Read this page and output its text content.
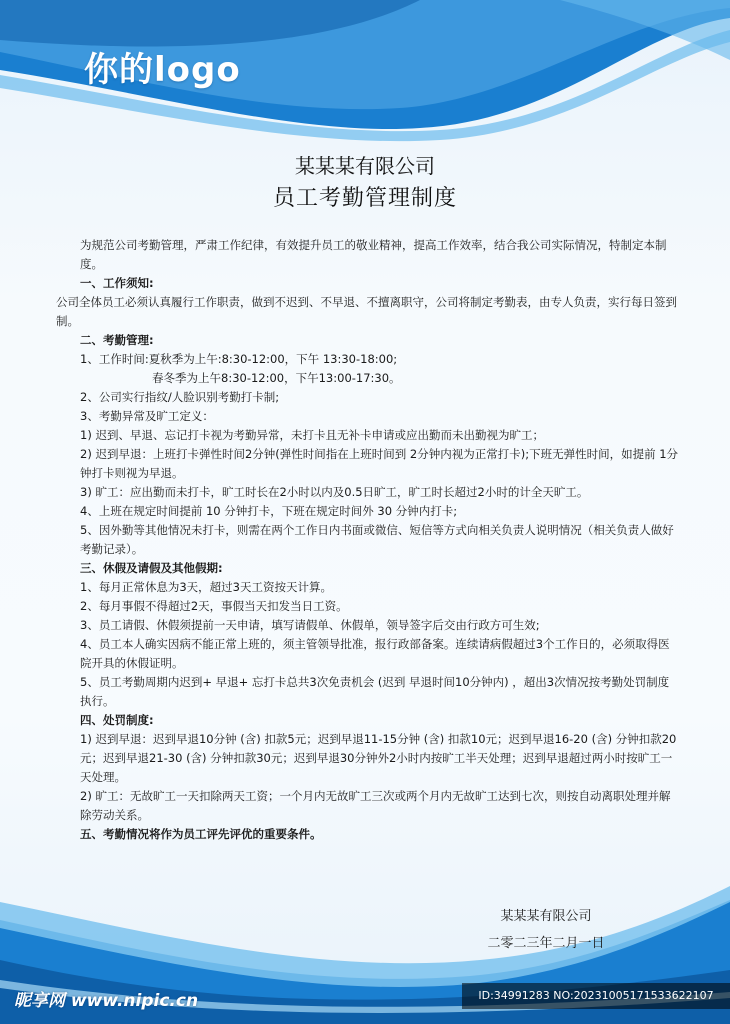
你的logo
某某某有限公司
员工考勤管理制度

为规范公司考勤管理，严肃工作纪律，有效提升员工的敬业精神，提高工作效率，结合我公司实际情况，特制定本制度。

一、工作须知:

公司全体员工必须认真履行工作职责，做到不迟到、不早退、不擅离职守，公司将制定考勤表，由专人负责，实行每日签到制。

二、考勤管理:

1、工作时间:夏秋季为上午:8:30-12:00，下午 13:30-18:00;

春冬季为上午8:30-12:00，下午13:00-17:30。

2、公司实行指纹/人脸识别考勤打卡制;

3、考勤异常及旷工定义：

1) 迟到、早退、忘记打卡视为考勤异常，未打卡且无补卡申请或应出勤而未出勤视为旷工；

2) 迟到早退：上班打卡弹性时间2分钟(弹性时间指在上班时间到 2分钟内视为正常打卡);下班无弹性时间，如提前 1分钟打卡则视为早退。

3) 旷工：应出勤而未打卡，旷工时长在2小时以内及0.5日旷工，旷工时长超过2小时的计全天旷工。

4、上班在规定时间提前 10 分钟打卡，下班在规定时间外 30 分钟内打卡;

5、因外勤等其他情况未打卡，则需在两个工作日内书面或微信、短信等方式向相关负责人说明情况（相关负责人做好考勤记录）。

三、休假及请假及其他假期:

1、每月正常休息为3天，超过3天工资按天计算。

2、每月事假不得超过2天，事假当天扣发当日工资。

3、员工请假、休假须提前一天申请，填写请假单、休假单，领导签字后交由行政方可生效;

4、员工本人确实因病不能正常上班的，须主管领导批准，报行政部备案。连续请病假超过3个工作日的，必须取得医院开具的休假证明。

5、员工考勤周期内迟到+ 早退+ 忘打卡总共3次免责机会 (迟到 早退时间10分钟内) ，超出3次情况按考勤处罚制度执行。

四、处罚制度:

1) 迟到早退：迟到早退10分钟 (含) 扣款5元；迟到早退11-15分钟 (含) 扣款10元；迟到早退16-20 (含) 分钟扣款20元；迟到早退21-30 (含) 分钟扣款30元；迟到早退30分钟外2小时内按旷工半天处理；迟到早退超过两小时按旷工一天处理。

2) 旷工：无故旷工一天扣除两天工资；一个月内无故旷工三次或两个月内无故旷工达到七次，则按自动离职处理并解除劳动关系。

五、考勤情况将作为员工评先评优的重要条件。

某某某有限公司
二零二三年二月一日
昵享网 www.nipic.cn	ID:34991283 NO:20231005171533622107
